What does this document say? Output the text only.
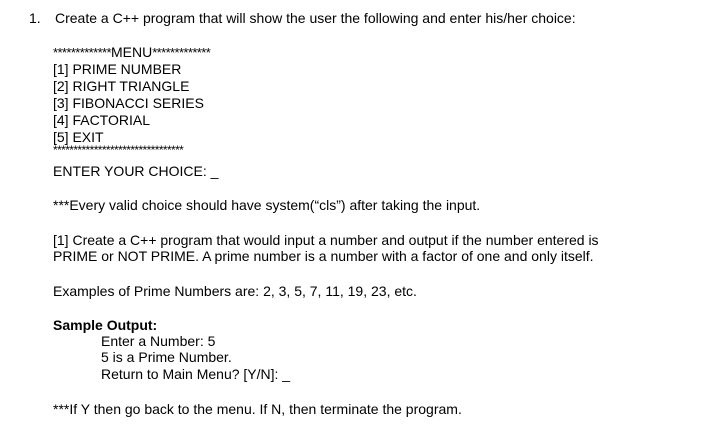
1. Create a C++ program that will show the user the following and enter his/her choice:
*************MENU*************
[1] PRIME NUMBER
[2] RIGHT TRIANGLE
[3] FIBONACCI SERIES
[4] FACTORIAL
[5] EXIT
********************************
ENTER YOUR CHOICE: _
***Every valid choice should have system(“cls”) after taking the input.
[1] Create a C++ program that would input a number and output if the number entered is
PRIME or NOT PRIME. A prime number is a number with a factor of one and only itself.
Examples of Prime Numbers are: 2, 3, 5, 7, 11, 19, 23, etc.
Sample Output:
Enter a Number: 5
5 is a Prime Number.
Return to Main Menu? [Y/N]: _
***If Y then go back to the menu. If N, then terminate the program.
